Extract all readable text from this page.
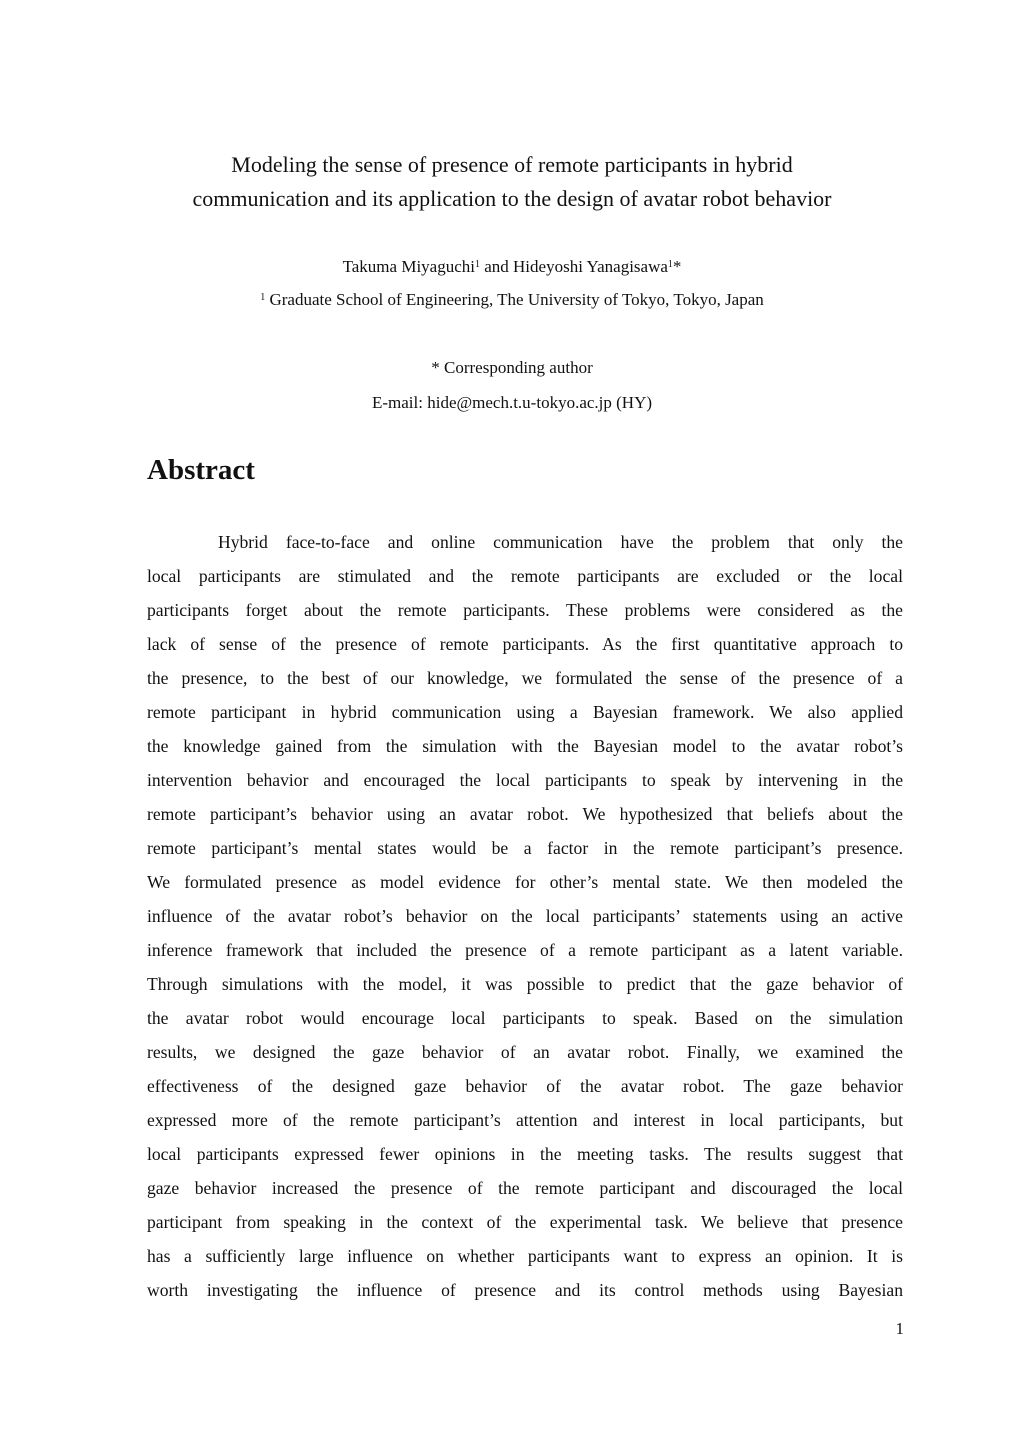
Modeling the sense of presence of remote participants in hybrid
communication and its application to the design of avatar robot behavior
Takuma Miyaguchi$^1$ and Hideyoshi Yanagisawa$^1$*
$^1$ Graduate School of Engineering, The University of Tokyo, Tokyo, Japan
* Corresponding author
E-mail: hide@mech.t.u-tokyo.ac.jp (HY)
Abstract
Hybrid face-to-face and online communication have the problem that only the
local participants are stimulated and the remote participants are excluded or the local
participants forget about the remote participants. These problems were considered as the
lack of sense of the presence of remote participants. As the first quantitative approach to
the presence, to the best of our knowledge, we formulated the sense of the presence of a
remote participant in hybrid communication using a Bayesian framework. We also applied
the knowledge gained from the simulation with the Bayesian model to the avatar robot’s
intervention behavior and encouraged the local participants to speak by intervening in the
remote participant’s behavior using an avatar robot. We hypothesized that beliefs about the
remote participant’s mental states would be a factor in the remote participant’s presence.
We formulated presence as model evidence for other’s mental state. We then modeled the
influence of the avatar robot’s behavior on the local participants’ statements using an active
inference framework that included the presence of a remote participant as a latent variable.
Through simulations with the model, it was possible to predict that the gaze behavior of
the avatar robot would encourage local participants to speak. Based on the simulation
results, we designed the gaze behavior of an avatar robot. Finally, we examined the
effectiveness of the designed gaze behavior of the avatar robot. The gaze behavior
expressed more of the remote participant’s attention and interest in local participants, but
local participants expressed fewer opinions in the meeting tasks. The results suggest that
gaze behavior increased the presence of the remote participant and discouraged the local
participant from speaking in the context of the experimental task. We believe that presence
has a sufficiently large influence on whether participants want to express an opinion. It is
worth investigating the influence of presence and its control methods using Bayesian
1
